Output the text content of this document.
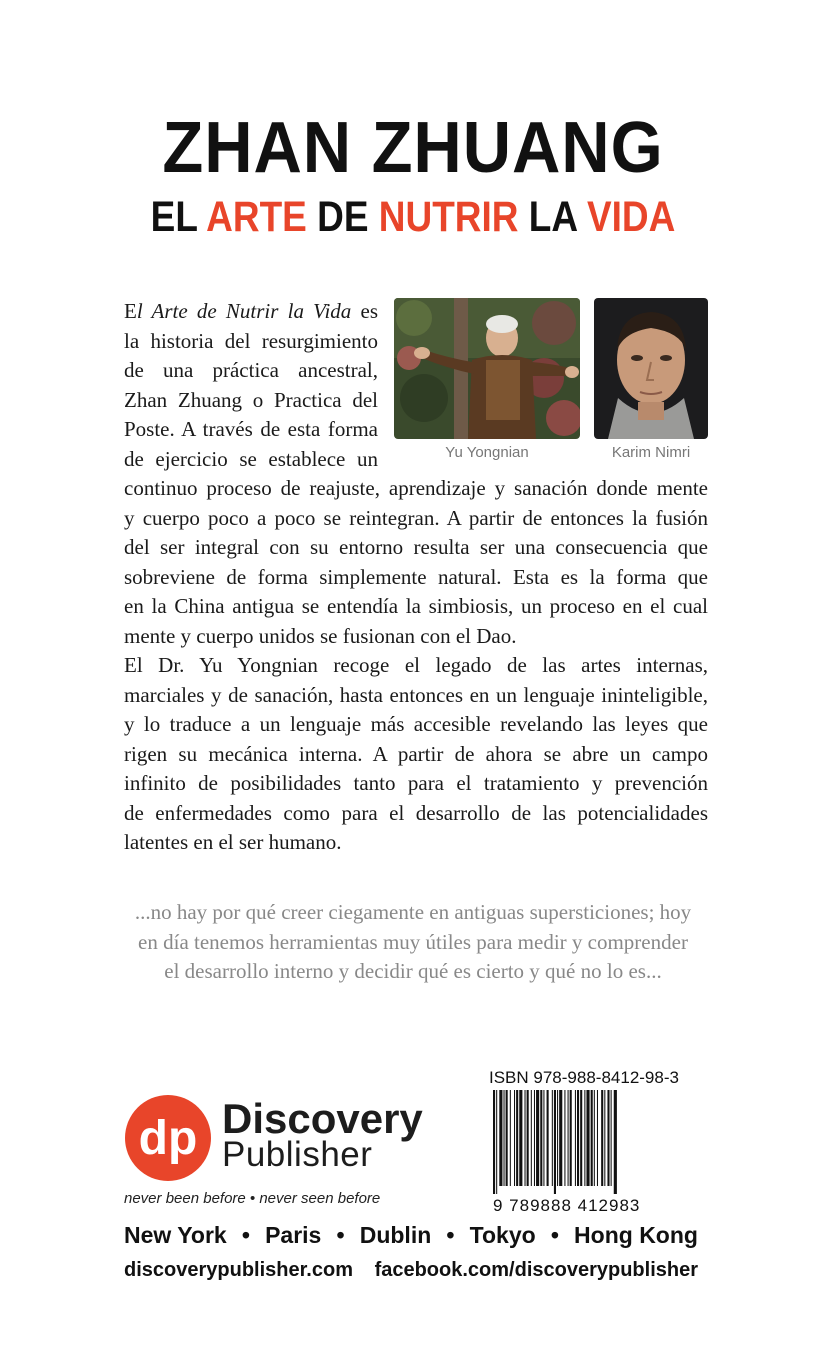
ZHAN ZHUANG
EL ARTE DE NUTRIR LA VIDA
Yu Yongnian	Karim Nimri
El Arte de Nutrir la Vida es
la historia del resurgimiento
de una práctica ancestral,
Zhan Zhuang o Practica del
Poste. A través de esta forma
de ejercicio se establece un
continuo proceso de reajuste, aprendizaje y sanación donde mente
y cuerpo poco a poco se reintegran. A partir de entonces la fusión
del ser integral con su entorno resulta ser una consecuencia que
sobreviene de forma simplemente natural. Esta es la forma que
en la China antigua se entendía la simbiosis, un proceso en el cual
mente y cuerpo unidos se fusionan con el Dao.
El Dr. Yu Yongnian recoge el legado de las artes internas,
marciales y de sanación, hasta entonces en un lenguaje ininteligible,
y lo traduce a un lenguaje más accesible revelando las leyes que
rigen su mecánica interna. A partir de ahora se abre un campo
infinito de posibilidades tanto para el tratamiento y prevención
de enfermedades como para el desarrollo de las potencialidades
latentes en el ser humano.
...no hay por qué creer ciegamente en antiguas supersticiones; hoy
en día tenemos herramientas muy útiles para medir y comprender
el desarrollo interno y decidir qué es cierto y qué no lo es...
dp Discovery
Publisher
never been before • never seen before
ISBN 978-988-8412-98-3
9 789888 412983
New York • Paris • Dublin • Tokyo • Hong Kong
discoverypublisher.com facebook.com/discoverypublisher
